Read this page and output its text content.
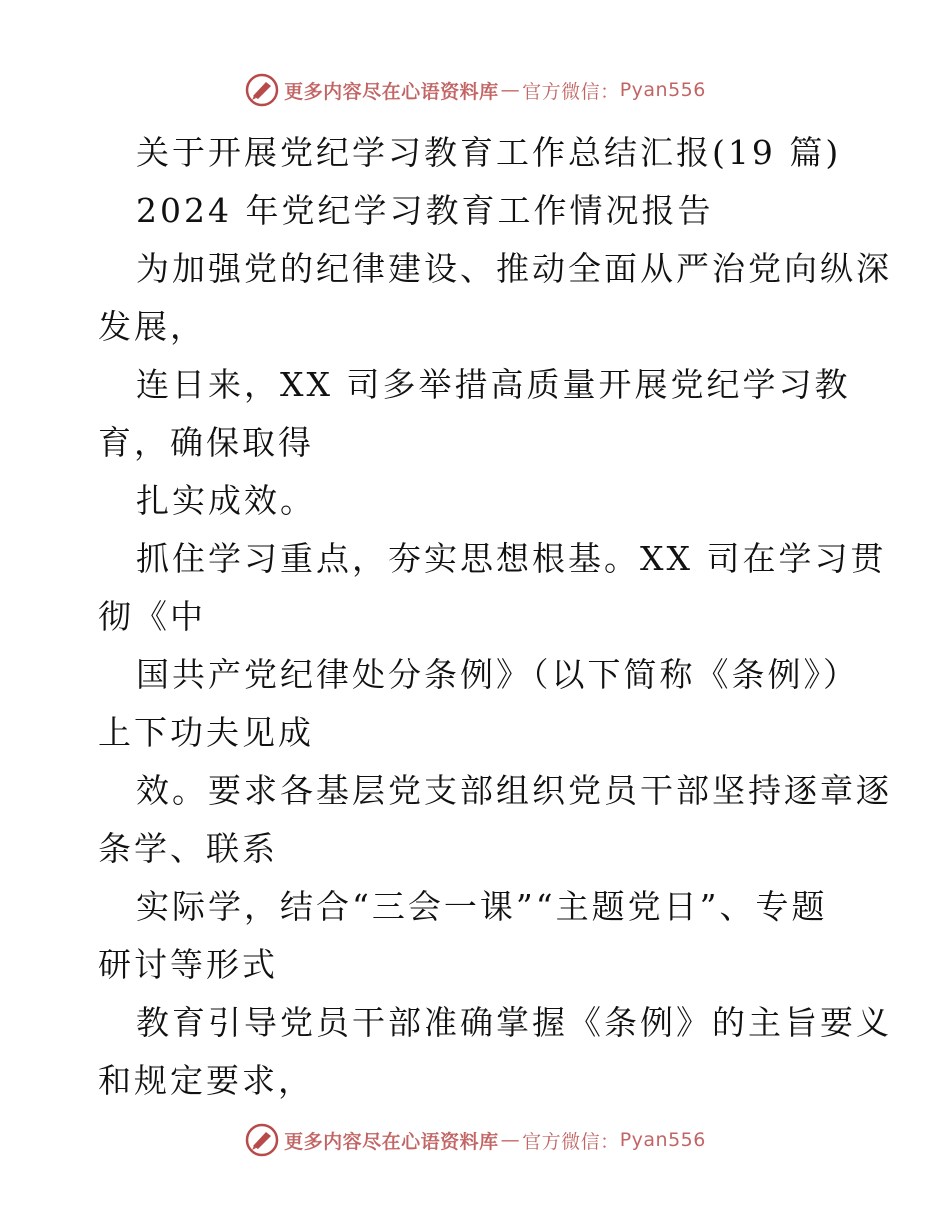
更多内容尽在心语资料库 — 官方微信： Pyan556
关于开展党纪学习教育工作总结汇报(19 篇)
2024 年党纪学习教育工作情况报告
为加强党的纪律建设、推动全面从严治党向纵深
发展，
连日来，XX 司多举措高质量开展党纪学习教
育，确保取得
扎实成效。
抓住学习重点，夯实思想根基。XX 司在学习贯
彻《中
国共产党纪律处分条例》（以下简称《条例》）
上下功夫见成
效。要求各基层党支部组织党员干部坚持逐章逐
条学、联系
实际学，结合“三会一课”“主题党日”、专题
研讨等形式
教育引导党员干部准确掌握《条例》的主旨要义
和规定要求，
更多内容尽在心语资料库 — 官方微信： Pyan556
